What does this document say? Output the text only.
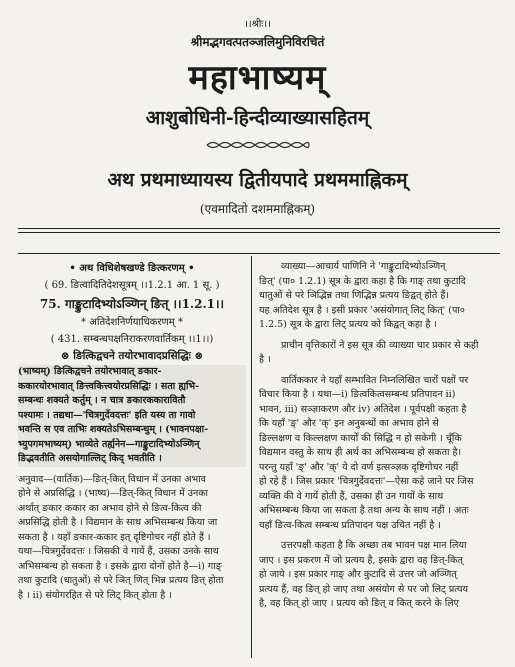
।।श्रीः।।
श्रीमद्भगवत्पतञ्जलिमुनिविरचितं
महाभाष्यम्
आशुबोधिनी-हिन्दीव्याख्यासहितम्
अथ प्रथमाध्यायस्य द्वितीयपादे प्रथममाह्निकम्
(एवमादितो दशममाह्निकम्)
• अथ विधिशेषखण्डे ङित्करणम् •
( 69. ङित्वादितिदेशसूत्रम् ।।1.2.1 आ. 1 सू. )
75. गाङ्कुटादिभ्योऽञ्णिन् ङित् ।।1.2.1।।
* अतिदेशनिर्णयाधिकरणम् *
( 431. सम्बन्धपक्षनिराकरणवार्तिकम् ।।1।।)
⊗ ङित्किद्वचने तयोरभावादप्रसिद्धिः ⊗
(भाष्यम्) ङित्किद्वचने तयोरभावात् ङकार-
ककारयोरभावात् ङित्त्वकित्त्वयोरप्रसिद्धिः । सता ह्यभि-
सम्बन्धः शक्यते कर्तुम् । न चात्र ङकारककारावितौ
पश्यामः । तद्यथा—'चित्रगुर्देवदत्तः' इति यस्य ता गावो
भवन्ति स एव ताभिः शक्यतेऽभिसम्बन्धुम् । (भावनपक्षा-
भ्युपगमभाष्यम्) भाव्येते तर्ह्यनेन—गाङ्कुटादिभ्योऽञ्णिन्
ङिद्भवतीति असयोगाल्लिट् किद् भवतीति ।
अनुवाद—(वार्तिक)—ङित्-कित् विधान में उनका अभाव
होने से अप्रसिद्धि । (भाष्य)—ङित्-कित् विधान में उनका
अर्थात् ङकार ककार का अभाव होने से ङित्व-कित्व की
अप्रसिद्धि होती है । विद्यमान के साथ अभिसम्बन्ध किया जा
सकता है । यहाँ ङकार-ककार इत् दृष्टिगोचर नहीं होते हैं ।
यथा—चित्रगुर्देवदत्तः । जिसकी वे गायें हैं, उसका उनके साथ
अभिसम्बन्ध हो सकता है । इसके द्वारा दोनों होते है—i) गाङ्
तथा कुटादि (धातुओं) से परे ञित् णित् भिन्न प्रत्यय ङित् होता
है । ii) संयोगरहित से परे लिट् कित् होता है ।
व्याख्या—आचार्य पाणिनि ने 'गाङ्कुटादिभ्योऽञ्णिन्
ङित्' (पा० 1.2.1) सूत्र के द्वारा कहा है कि गाङ् तथा कुटादि
धातुओं से परे ञिद्भिन्न तथा णिद्भिन्न प्रत्यय ङिद्वत् होते हैं।
यह अतिदेश सूत्र है । इसी प्रकार 'असंयोगात् लिट् कित्' (पा०
1.2.5) सूत्र के द्वारा लिट् प्रत्यय को किद्वत् कहा है ।
प्राचीन वृत्तिकारों ने इस सूत्र की व्याख्या चार प्रकार से कही
है ।
वार्तिककार ने यहाँ सम्भावित निम्नलिखित चारों पक्षों पर
विचार किया है । यथा—i) ङित्वकित्वसम्बन्ध प्रतिपादन ii)
भावन, iii) सञ्ज्ञाकरण और iv) अतिदेश । पूर्वपक्षी कहता है
कि यहाँ 'ङ्' और 'क्' इन अनुबन्धों का अभाव होने से
ङिल्लक्षण व किल्लक्षण कार्यों की सिद्धि न हो सकेगी । चूँकि
विद्यमान वस्तु के साथ ही अर्थ का अभिसम्बन्ध हो सकता है।
परन्तु यहाँ 'ङ्' और 'क्' ये दो वर्ण इत्सञ्ज्ञक दृष्टिगोचर नहीं
हो रहे हैं । जिस प्रकार 'चित्रगुर्देवदत्तः'—ऐसा कहे जाने पर जिस
व्यक्ति की वे गायें होती हैं, उसका ही उन गायों के साथ
अभिसम्बन्ध किया जा सकता है तथा अन्य के साथ नहीं । अतः
यहाँ ङित्व-कित्व सम्बन्ध प्रतिपादन पक्ष उचित नहीं है ।
उत्तरपक्षी कहता है कि अच्छा तब भावन पक्ष मान लिया
जाए । इस प्रकरण में जो प्रत्यय है, इसके द्वारा वह ङित्-कित्
हो जाये । इस प्रकार गाङ् और कुटादि से उत्तर जो अञ्णित्
प्रत्यय हैं, वह ङित् हो जाए तथा असंयोग से पर जो लिट् प्रत्यय
है, वह कित् हो जाए । प्रत्यय को ङित् व कित् करने के लिए
